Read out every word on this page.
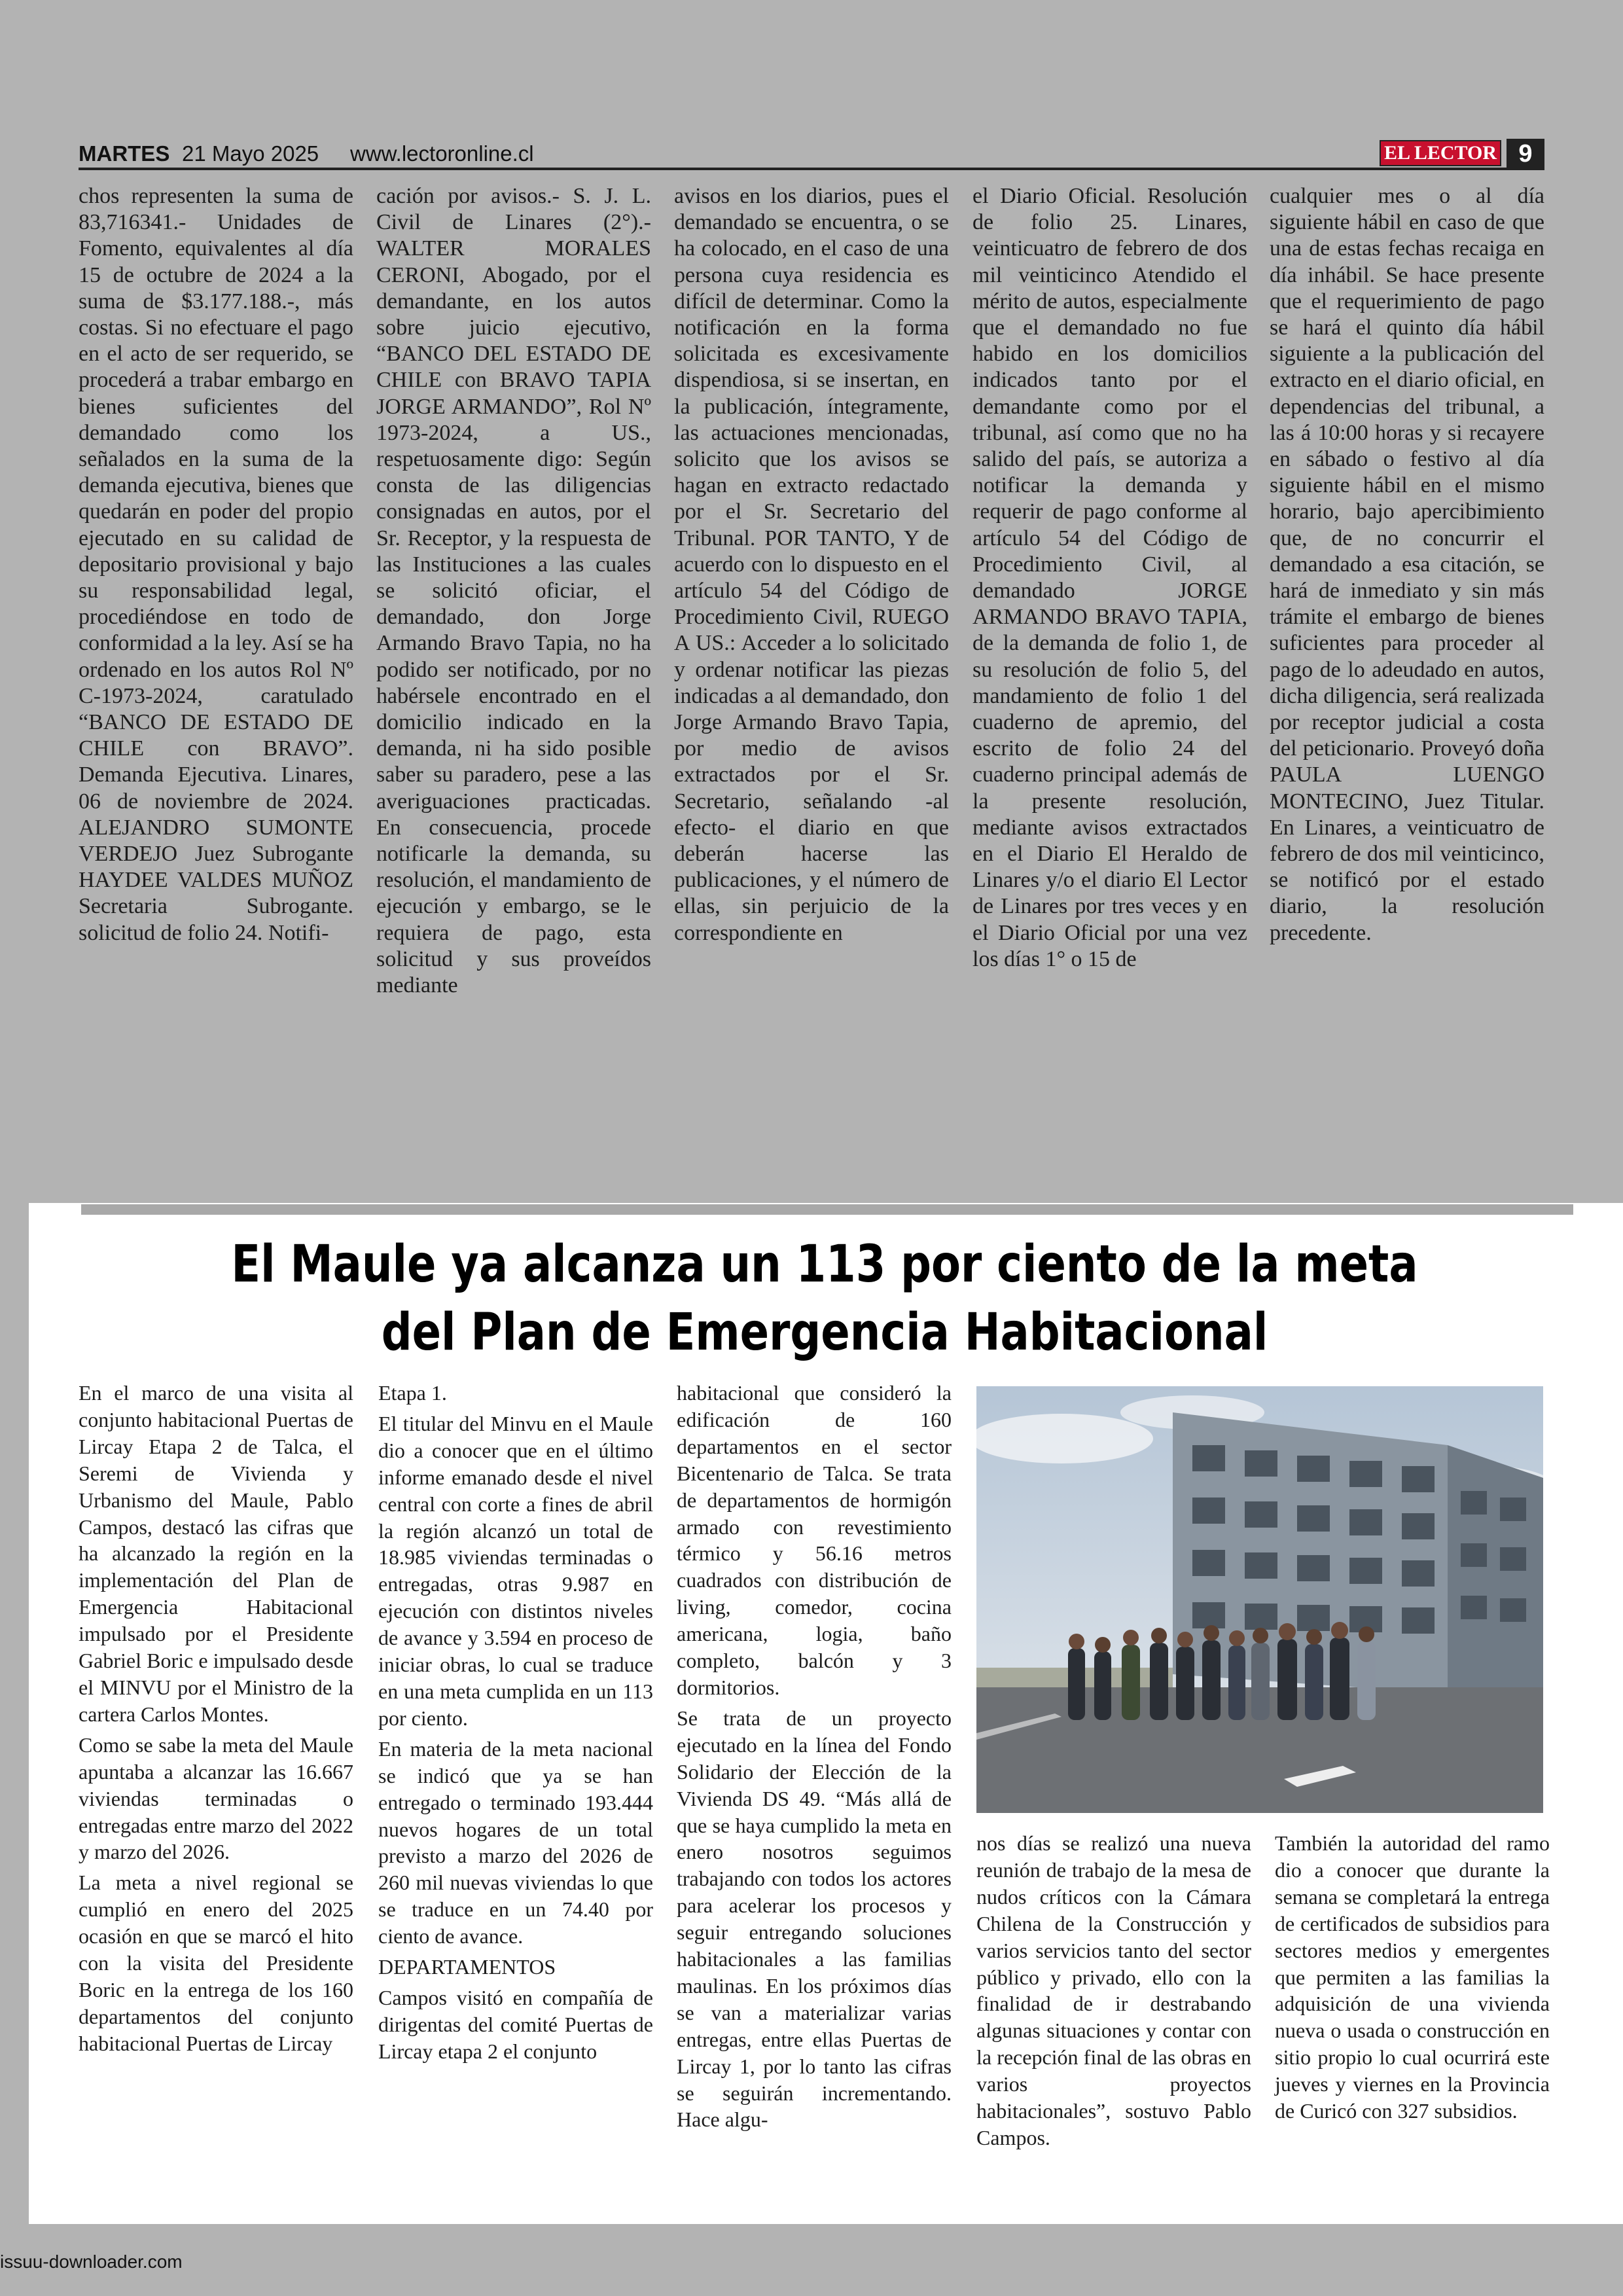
MARTES 21 Mayo 2025 www.lectoronline.cl	EL LECTOR 9
chos representen la suma de 83,716341.- Unidades de Fomento, equivalentes al día 15 de octubre de 2024 a la suma de $3.177.188.-, más costas. Si no efectuare el pago en el acto de ser requerido, se procederá a trabar embargo en bienes suficientes del demandado como los señalados en la suma de la demanda ejecutiva, bienes que quedarán en poder del propio ejecutado en su calidad de depositario provisional y bajo su responsabilidad legal, procediéndose en todo de conformidad a la ley. Así se ha ordenado en los autos Rol Nº C-1973-2024, caratulado “BANCO DE ESTADO DE CHILE con BRAVO”. Demanda Ejecutiva. Linares, 06 de noviembre de 2024. ALEJANDRO SUMONTE VERDEJO Juez Subrogante HAYDEE VALDES MUÑOZ Secretaria Subrogante. solicitud de folio 24. Notifi-
cación por avisos.- S. J. L. Civil de Linares (2°).- WALTER MORALES CERONI, Abogado, por el demandante, en los autos sobre juicio ejecutivo, “BANCO DEL ESTADO DE CHILE con BRAVO TAPIA JORGE ARMANDO”, Rol Nº 1973-2024, a US., respetuosamente digo: Según consta de las diligencias consignadas en autos, por el Sr. Receptor, y la respuesta de las Instituciones a las cuales se solicitó oficiar, el demandado, don Jorge Armando Bravo Tapia, no ha podido ser notificado, por no habérsele encontrado en el domicilio indicado en la demanda, ni ha sido posible saber su paradero, pese a las averiguaciones practicadas. En consecuencia, procede notificarle la demanda, su resolución, el mandamiento de ejecución y embargo, se le requiera de pago, esta solicitud y sus proveídos mediante
avisos en los diarios, pues el demandado se encuentra, o se ha colocado, en el caso de una persona cuya residencia es difícil de determinar. Como la notificación en la forma solicitada es excesivamente dispendiosa, si se insertan, en la publicación, íntegramente, las actuaciones mencionadas, solicito que los avisos se hagan en extracto redactado por el Sr. Secretario del Tribunal. POR TANTO, Y de acuerdo con lo dispuesto en el artículo 54 del Código de Procedimiento Civil, RUEGO A US.: Acceder a lo solicitado y ordenar notificar las piezas indicadas a al demandado, don Jorge Armando Bravo Tapia, por medio de avisos extractados por el Sr. Secretario, señalando -al efecto- el diario en que deberán hacerse las publicaciones, y el número de ellas, sin perjuicio de la correspondiente en
el Diario Oficial. Resolución de folio 25. Linares, veinticuatro de febrero de dos mil veinticinco Atendido el mérito de autos, especialmente que el demandado no fue habido en los domicilios indicados tanto por el demandante como por el tribunal, así como que no ha salido del país, se autoriza a notificar la demanda y requerir de pago conforme al artículo 54 del Código de Procedimiento Civil, al demandado JORGE ARMANDO BRAVO TAPIA, de la demanda de folio 1, de su resolución de folio 5, del mandamiento de folio 1 del cuaderno de apremio, del escrito de folio 24 del cuaderno principal además de la presente resolución, mediante avisos extractados en el Diario El Heraldo de Linares y/o el diario El Lector de Linares por tres veces y en el Diario Oficial por una vez los días 1° o 15 de
cualquier mes o al día siguiente hábil en caso de que una de estas fechas recaiga en día inhábil. Se hace presente que el requerimiento de pago se hará el quinto día hábil siguiente a la publicación del extracto en el diario oficial, en dependencias del tribunal, a las á 10:00 horas y si recayere en sábado o festivo al día siguiente hábil en el mismo horario, bajo apercibimiento que, de no concurrir el demandado a esa citación, se hará de inmediato y sin más trámite el embargo de bienes suficientes para proceder al pago de lo adeudado en autos, dicha diligencia, será realizada por receptor judicial a costa del peticionario. Proveyó doña PAULA LUENGO MONTECINO, Juez Titular. En Linares, a veinticuatro de febrero de dos mil veinticinco, se notificó por el estado diario, la resolución precedente.
El Maule ya alcanza un 113 por ciento de la meta del Plan de Emergencia Habitacional

En el marco de una visita al conjunto habitacional Puertas de Lircay Etapa 2 de Talca, el Seremi de Vivienda y Urbanismo del Maule, Pablo Campos, destacó las cifras que ha alcanzado la región en la implementación del Plan de Emergencia Habitacional impulsado por el Presidente Gabriel Boric e impulsado desde el MINVU por el Ministro de la cartera Carlos Montes.

Como se sabe la meta del Maule apuntaba a alcanzar las 16.667 viviendas terminadas o entregadas entre marzo del 2022 y marzo del 2026.

La meta a nivel regional se cumplió en enero del 2025 ocasión en que se marcó el hito con la visita del Presidente Boric en la entrega de los 160 departamentos del conjunto habitacional Puertas de Lircay

Etapa 1.

El titular del Minvu en el Maule dio a conocer que en el último informe emanado desde el nivel central con corte a fines de abril la región alcanzó un total de 18.985 viviendas terminadas o entregadas, otras 9.987 en ejecución con distintos niveles de avance y 3.594 en proceso de iniciar obras, lo cual se traduce en una meta cumplida en un 113 por ciento.

En materia de la meta nacional se indicó que ya se han entregado o terminado 193.444 nuevos hogares de un total previsto a marzo del 2026 de 260 mil nuevas viviendas lo que se traduce en un 74.40 por ciento de avance.

DEPARTAMENTOS

Campos visitó en compañía de dirigentas del comité Puertas de Lircay etapa 2 el conjunto

habitacional que consideró la edificación de 160 departamentos en el sector Bicentenario de Talca. Se trata de departamentos de hormigón armado con revestimiento térmico y 56.16 metros cuadrados con distribución de living, comedor, cocina americana, logia, baño completo, balcón y 3 dormitorios.

Se trata de un proyecto ejecutado en la línea del Fondo Solidario der Elección de la Vivienda DS 49. “Más allá de que se haya cumplido la meta en enero nosotros seguimos trabajando con todos los actores para acelerar los procesos y seguir entregando soluciones habitacionales a las familias maulinas. En los próximos días se van a materializar varias entregas, entre ellas Puertas de Lircay 1, por lo tanto las cifras se seguirán incrementando. Hace algu-

nos días se realizó una nueva reunión de trabajo de la mesa de nudos críticos con la Cámara Chilena de la Construcción y varios servicios tanto del sector público y privado, ello con la finalidad de ir destrabando algunas situaciones y contar con la recepción final de las obras en varios proyectos habitacionales”, sostuvo Pablo Campos.

También la autoridad del ramo dio a conocer que durante la semana se completará la entrega de certificados de subsidios para sectores medios y emergentes que permiten a las familias la adquisición de una vivienda nueva o usada o construcción en sitio propio lo cual ocurrirá este jueves y viernes en la Provincia de Curicó con 327 subsidios.

issuu-downloader.com
